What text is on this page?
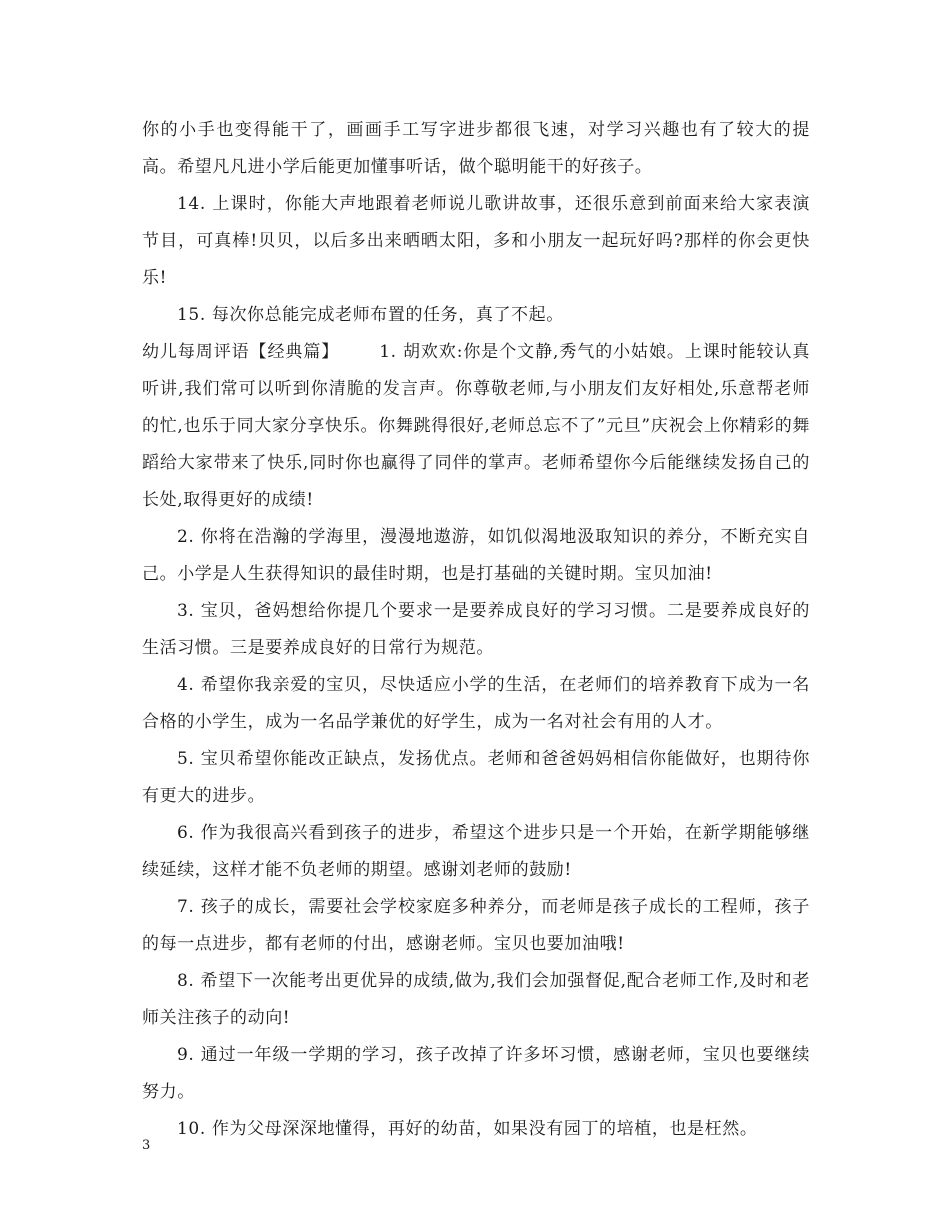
你的小手也变得能干了，画画手工写字进步都很飞速，对学习兴趣也有了较大的提高。希望凡凡进小学后能更加懂事听话，做个聪明能干的好孩子。

14. 上课时，你能大声地跟着老师说儿歌讲故事，还很乐意到前面来给大家表演节目，可真棒!贝贝，以后多出来晒晒太阳，多和小朋友一起玩好吗?那样的你会更快乐!

15. 每次你总能完成老师布置的任务，真了不起。

幼儿每周评语【经典篇】 1. 胡欢欢:你是个文静,秀气的小姑娘。上课时能较认真听讲,我们常可以听到你清脆的发言声。你尊敬老师,与小朋友们友好相处,乐意帮老师的忙,也乐于同大家分享快乐。你舞跳得很好,老师总忘不了”元旦”庆祝会上你精彩的舞蹈给大家带来了快乐,同时你也赢得了同伴的掌声。老师希望你今后能继续发扬自己的长处,取得更好的成绩!

2. 你将在浩瀚的学海里，漫漫地遨游，如饥似渴地汲取知识的养分，不断充实自己。小学是人生获得知识的最佳时期，也是打基础的关键时期。宝贝加油!

3. 宝贝，爸妈想给你提几个要求一是要养成良好的学习习惯。二是要养成良好的生活习惯。三是要养成良好的日常行为规范。

4. 希望你我亲爱的宝贝，尽快适应小学的生活，在老师们的培养教育下成为一名合格的小学生，成为一名品学兼优的好学生，成为一名对社会有用的人才。

5. 宝贝希望你能改正缺点，发扬优点。老师和爸爸妈妈相信你能做好，也期待你有更大的进步。

6. 作为我很高兴看到孩子的进步，希望这个进步只是一个开始，在新学期能够继续延续，这样才能不负老师的期望。感谢刘老师的鼓励!

7. 孩子的成长，需要社会学校家庭多种养分，而老师是孩子成长的工程师，孩子的每一点进步，都有老师的付出，感谢老师。宝贝也要加油哦!

8. 希望下一次能考出更优异的成绩,做为,我们会加强督促,配合老师工作,及时和老师关注孩子的动向!

9. 通过一年级一学期的学习，孩子改掉了许多坏习惯，感谢老师，宝贝也要继续努力。

10. 作为父母深深地懂得，再好的幼苗，如果没有园丁的培植，也是枉然。

3
